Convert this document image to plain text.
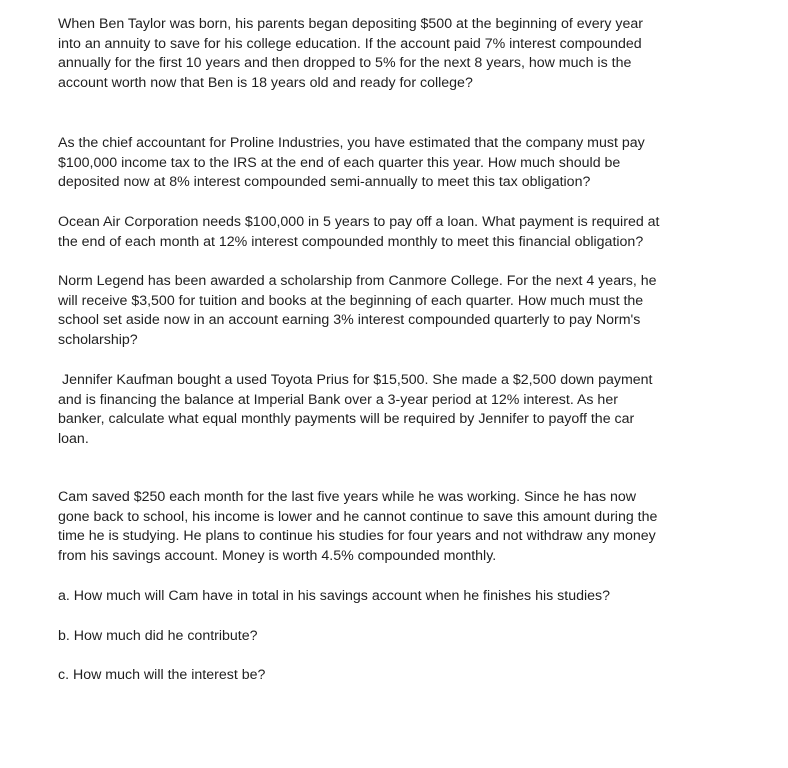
When Ben Taylor was born, his parents began depositing $500 at the beginning of every year
into an annuity to save for his college education. If the account paid 7% interest compounded
annually for the first 10 years and then dropped to 5% for the next 8 years, how much is the
account worth now that Ben is 18 years old and ready for college?
As the chief accountant for Proline Industries, you have estimated that the company must pay
$100,000 income tax to the IRS at the end of each quarter this year. How much should be
deposited now at 8% interest compounded semi-annually to meet this tax obligation?
Ocean Air Corporation needs $100,000 in 5 years to pay off a loan. What payment is required at
the end of each month at 12% interest compounded monthly to meet this financial obligation?
Norm Legend has been awarded a scholarship from Canmore College. For the next 4 years, he
will receive $3,500 for tuition and books at the beginning of each quarter. How much must the
school set aside now in an account earning 3% interest compounded quarterly to pay Norm's
scholarship?
Jennifer Kaufman bought a used Toyota Prius for $15,500. She made a $2,500 down payment
and is financing the balance at Imperial Bank over a 3-year period at 12% interest. As her
banker, calculate what equal monthly payments will be required by Jennifer to payoff the car
loan.
Cam saved $250 each month for the last five years while he was working. Since he has now
gone back to school, his income is lower and he cannot continue to save this amount during the
time he is studying. He plans to continue his studies for four years and not withdraw any money
from his savings account. Money is worth 4.5% compounded monthly.

a. How much will Cam have in total in his savings account when he finishes his studies?

b. How much did he contribute?

c. How much will the interest be?
